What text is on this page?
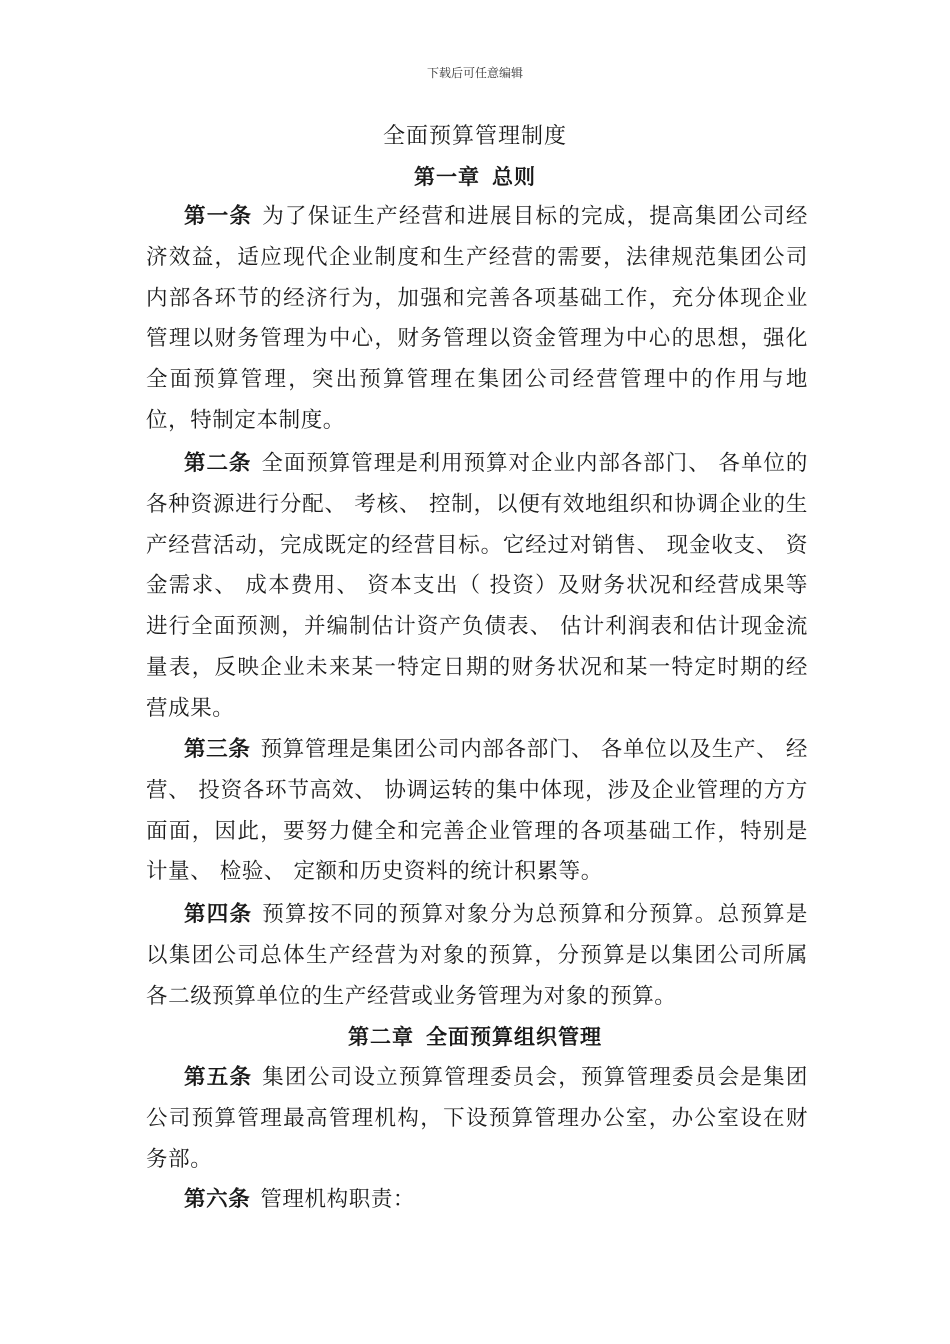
下载后可任意编辑
全面预算管理制度
第一章 总则
第一条 为了保证生产经营和进展目标的完成，提高集团公司经济效益，适应现代企业制度和生产经营的需要，法律规范集团公司内部各环节的经济行为，加强和完善各项基础工作，充分体现企业管理以财务管理为中心，财务管理以资金管理为中心的思想，强化全面预算管理，突出预算管理在集团公司经营管理中的作用与地位，特制定本制度。
第二条 全面预算管理是利用预算对企业内部各部门、 各单位的各种资源进行分配、 考核、 控制，以便有效地组织和协调企业的生产经营活动，完成既定的经营目标。它经过对销售、 现金收支、 资金需求、 成本费用、 资本支出（ 投资）及财务状况和经营成果等进行全面预测，并编制估计资产负债表、 估计利润表和估计现金流量表，反映企业未来某一特定日期的财务状况和某一特定时期的经营成果。
第三条 预算管理是集团公司内部各部门、 各单位以及生产、 经营、 投资各环节高效、 协调运转的集中体现，涉及企业管理的方方面面，因此，要努力健全和完善企业管理的各项基础工作，特别是计量、 检验、 定额和历史资料的统计积累等。
第四条 预算按不同的预算对象分为总预算和分预算。总预算是以集团公司总体生产经营为对象的预算，分预算是以集团公司所属各二级预算单位的生产经营或业务管理为对象的预算。
第二章 全面预算组织管理
第五条 集团公司设立预算管理委员会，预算管理委员会是集团公司预算管理最高管理机构，下设预算管理办公室，办公室设在财务部。
第六条 管理机构职责：
